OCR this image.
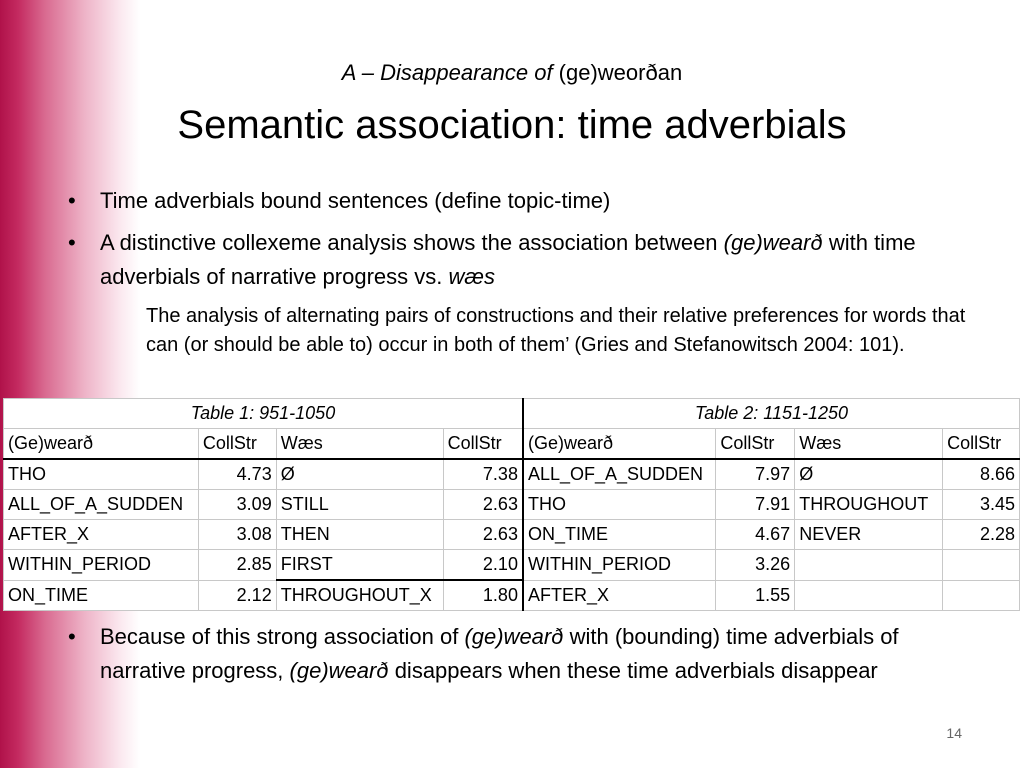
A – Disappearance of (ge)weorðan
Semantic association: time adverbials
• Time adverbials bound sentences (define topic-time)
• A distinctive collexeme analysis shows the association between (ge)wearð with time adverbials of narrative progress vs. wæs
The analysis of alternating pairs of constructions and their relative preferences for words that can (or should be able to) occur in both of them’ (Gries and Stefanowitsch 2004: 101).
Table 1: 951-1050				Table 2: 1151-1250			
(Ge)wearð	CollStr	Wæs	CollStr	(Ge)wearð	CollStr	Wæs	CollStr
THO	4.73	Ø	7.38	ALL_OF_A_SUDDEN	7.97	Ø	8.66
ALL_OF_A_SUDDEN	3.09	STILL	2.63	THO	7.91	THROUGHOUT	3.45
AFTER_X	3.08	THEN	2.63	ON_TIME	4.67	NEVER	2.28
WITHIN_PERIOD	2.85	FIRST	2.10	WITHIN_PERIOD	3.26		
ON_TIME	2.12	THROUGHOUT_X	1.80	AFTER_X	1.55		
• Because of this strong association of (ge)wearð with (bounding) time adverbials of narrative progress, (ge)wearð disappears when these time adverbials disappear
14
